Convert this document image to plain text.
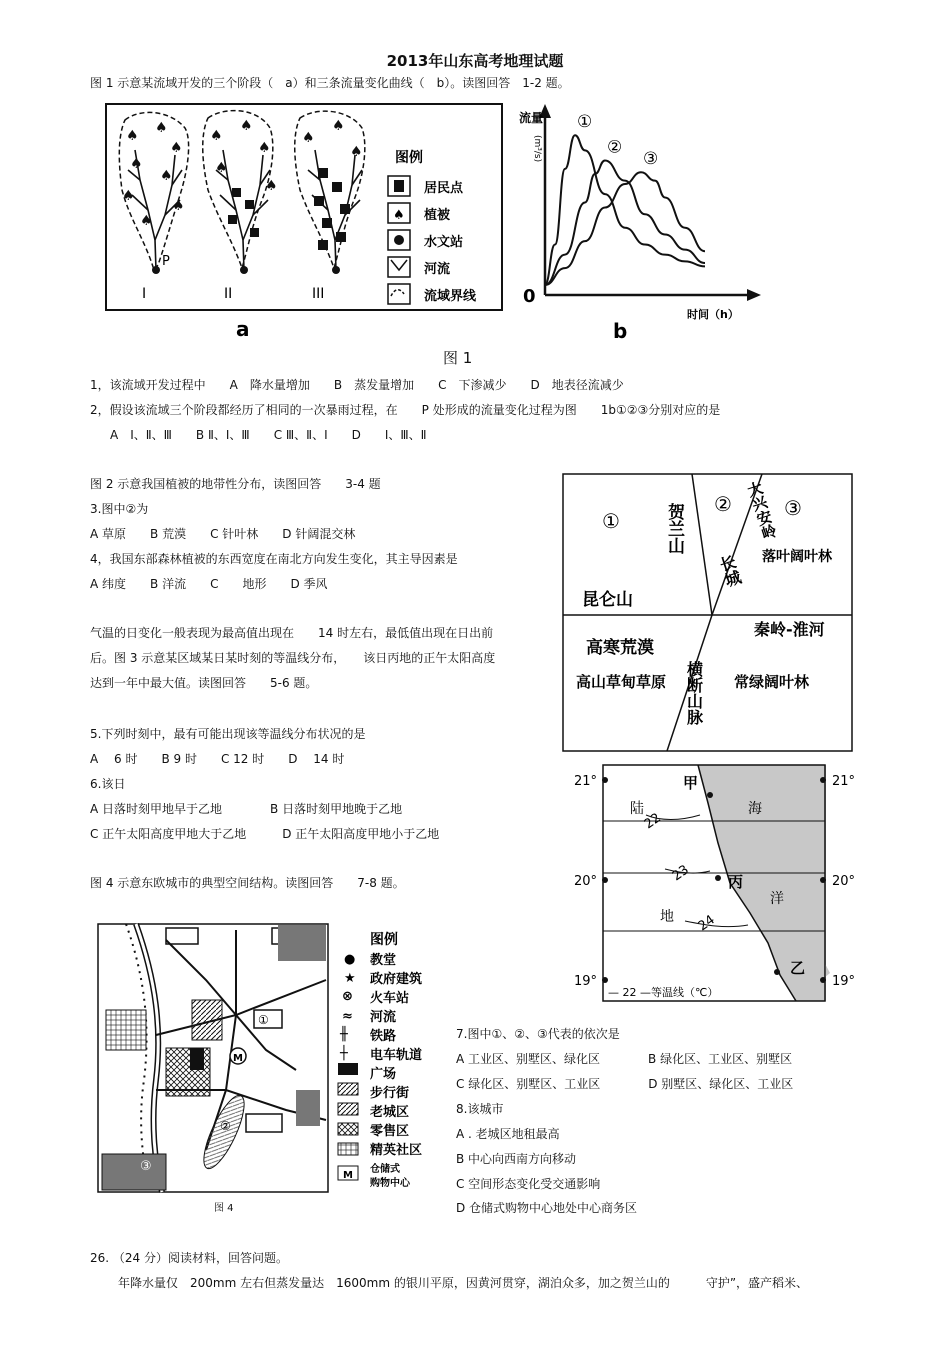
2013年山东高考地理试题
图 1 示意某流域开发的三个阶段（　a）和三条流量变化曲线（　b）。读图回答　1-2 题。
♠ ♠
♠
♠
♠
♠
♠
♠
♠
♠
♠
♠
♠
♠
♠
♠
P
I	II	III
图例
♠
居民点
植被
水文站
河流
流域界线
a
流量
(m³/s)
0
时间（h）
①
②
③
b
图 1
1，该流域开发过程中　　A　降水量增加　　B　蒸发量增加　　C　下渗减少　　D　地表径流减少
2，假设该流域三个阶段都经历了相同的一次暴雨过程，在　　P 处形成的流量变化过程为图　　1b①②③分别对应的是
A　Ⅰ、Ⅱ、Ⅲ　　B Ⅱ、Ⅰ、Ⅲ　　C Ⅲ、Ⅱ、Ⅰ　　D　　Ⅰ、Ⅲ、Ⅱ
图 2 示意我国植被的地带性分布，读图回答　　3-4 题
3.图中②为
A 草原　　B 荒漠　　C 针叶林　　D 针阔混交林
4，我国东部森林植被的东西宽度在南北方向发生变化，其主导因素是
A 纬度　　B 洋流　　C　　地形　　D 季风
①
②	③
贺兰山	大兴安岭
落叶阔叶林
昆仑山
长城
秦岭-淮河
高寒荒漠
高山草甸草原 横断山脉 常绿阔叶林
气温的日变化一般表现为最高值出现在　　14 时左右，最低值出现在日出前
后。图 3 示意某区域某日某时刻的等温线分布，　　该日丙地的正午太阳高度
达到一年中最大值。读图回答　　5-6 题。
5.下列时刻中，最有可能出现该等温线分布状况的是
A　 6 时　　B 9 时　　C 12 时　　D　 14 时
6.该日
A 日落时刻甲地早于乙地　　　　B 日落时刻甲地晚于乙地
C 正午太阳高度甲地大于乙地　　　D 正午太阳高度甲地小于乙地
21°	21°
20°	20°
19°	19°
甲
丙
乙
陆
地
海
洋
22
23
24
— 22 —等温线（℃）
图 4 示意东欧城市的典型空间结构。读图回答　　7-8 题。
M
①
②
③
图例
●
★
⊗
≈
╫
┼
M
教堂
政府建筑
火车站
河流
铁路
电车轨道
广场
步行街
老城区
零售区
精英社区
仓储式
购物中心
图 4
7.图中①、②、③代表的依次是
A 工业区、别墅区、绿化区　　　　B 绿化区、工业区、别墅区
C 绿化区、别墅区、工业区　　　　D 别墅区、绿化区、工业区
8.该城市
A . 老城区地租最高
B 中心向西南方向移动
C 空间形态变化受交通影响
D 仓储式购物中心地处中心商务区
26. （24 分）阅读材料，回答问题。
年降水量仅　200mm 左右但蒸发量达　1600mm 的银川平原，因黄河贯穿，湖泊众多，加之贺兰山的　　　守护”，盛产稻米、
